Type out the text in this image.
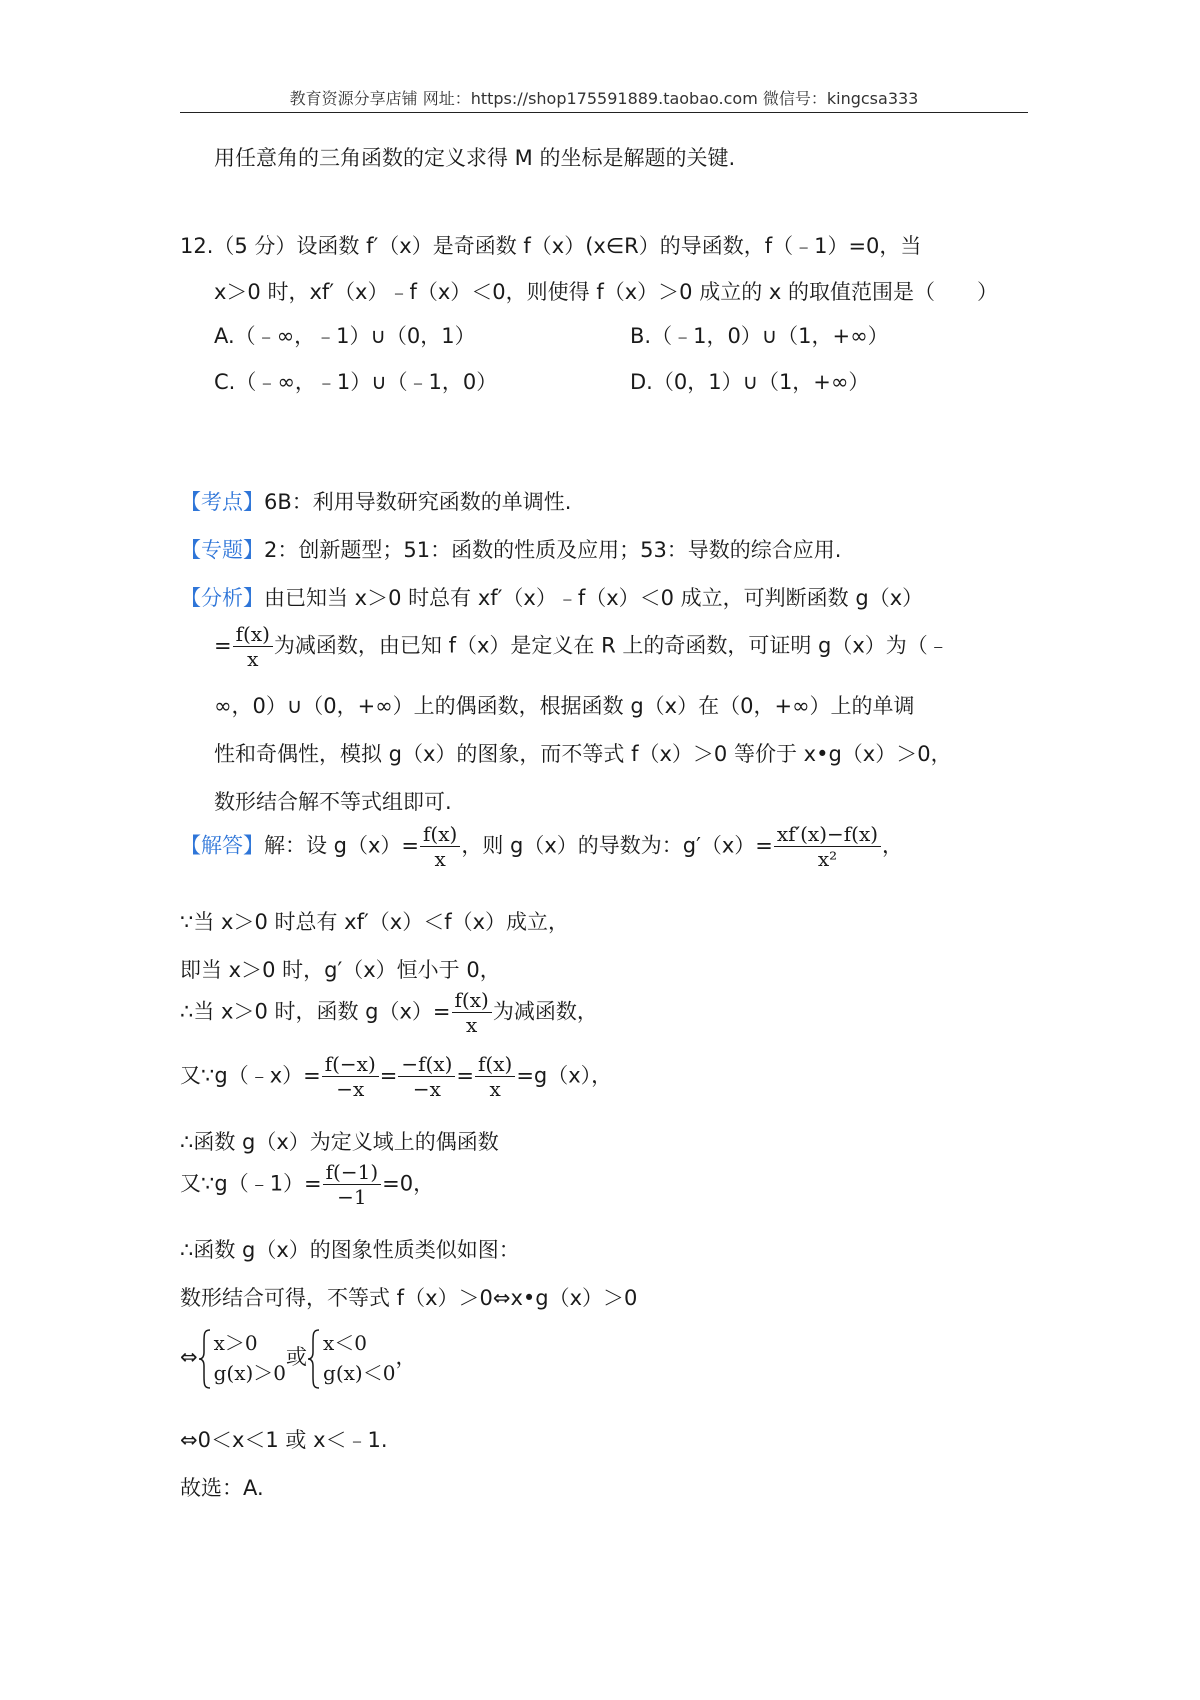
教育资源分享店铺 网址：https://shop175591889.taobao.com 微信号：kingcsa333
用任意角的三角函数的定义求得 M 的坐标是解题的关键.
12.（5 分）设函数 f′（x）是奇函数 f（x）(x∈R）的导函数，f（﹣1）=0，当
x＞0 时，xf′（x）﹣f（x）＜0，则使得 f（x）＞0 成立的 x 的取值范围是（　　）
A.（﹣∞，﹣1）∪（0，1）	B.（﹣1，0）∪（1，+∞）
C.（﹣∞，﹣1）∪（﹣1，0）	D.（0，1）∪（1，+∞）
【考点】6B：利用导数研究函数的单调性.
【专题】2：创新题型；51：函数的性质及应用；53：导数的综合应用.
【分析】由已知当 x＞0 时总有 xf′（x）﹣f（x）＜0 成立，可判断函数 g（x）
= $\frac{f(x)}{x}$ 为减函数，由已知 f（x）是定义在 R 上的奇函数，可证明 g（x）为（﹣
∞，0）∪（0，+∞）上的偶函数，根据函数 g（x）在（0，+∞）上的单调
性和奇偶性，模拟 g（x）的图象，而不等式 f（x）＞0 等价于 x•g（x）＞0，
数形结合解不等式组即可.
【解答】解：设 $g(x)= \frac{f(x)}{x}$ ，则 g（x）的导数为：$g'(x)= \frac{xf'(x)-f(x)}{\text{x²}}$ ，
∵当 x＞0 时总有 xf′（x）＜f（x）成立，
即当 x＞0 时，g′（x）恒小于 0，
∴当 x＞0 时，函数 $g(x)= \frac{f(x)}{x}$ 为减函数，
又∵g（﹣x）= $\frac{f(-x)}{-x} = \frac{-f(x)}{-x} = \frac{f(x)}{x} =g(x)$，
∴函数 g（x）为定义域上的偶函数
又∵g（﹣1）= $\frac{f(-1)}{-1} =0$，
∴函数 g（x）的图象性质类似如图：
数形结合可得，不等式 f（x）＞0⇔x•g（x）＞0
⇔
x＞0
g(x)＞0
或
x＜0
g(x)＜0
，
⇔0＜x＜1 或 x＜﹣1.
故选：A.
